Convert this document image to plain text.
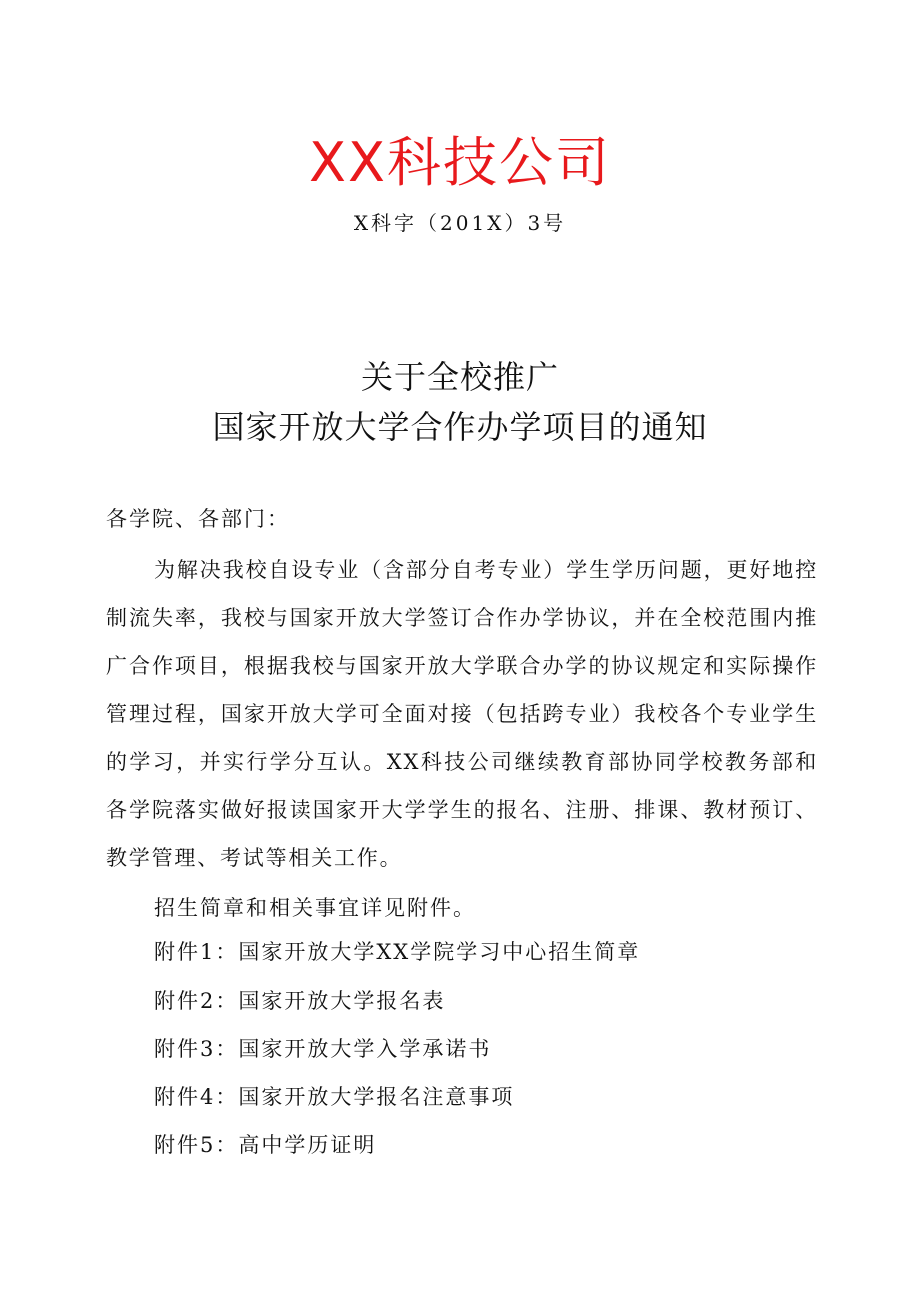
XX科技公司
X科字（201X）3号
关于全校推广
国家开放大学合作办学项目的通知
各学院、各部门：

为解决我校自设专业（含部分自考专业）学生学历问题，更好地控制流失率，我校与国家开放大学签订合作办学协议，并在全校范围内推广合作项目，根据我校与国家开放大学联合办学的协议规定和实际操作管理过程，国家开放大学可全面对接（包括跨专业）我校各个专业学生的学习，并实行学分互认。XX科技公司继续教育部协同学校教务部和各学院落实做好报读国家开大学学生的报名、注册、排课、教材预订、教学管理、考试等相关工作。

招生简章和相关事宜详见附件。
附件1：国家开放大学XX学院学习中心招生简章
附件2：国家开放大学报名表
附件3：国家开放大学入学承诺书
附件4：国家开放大学报名注意事项
附件5：高中学历证明
